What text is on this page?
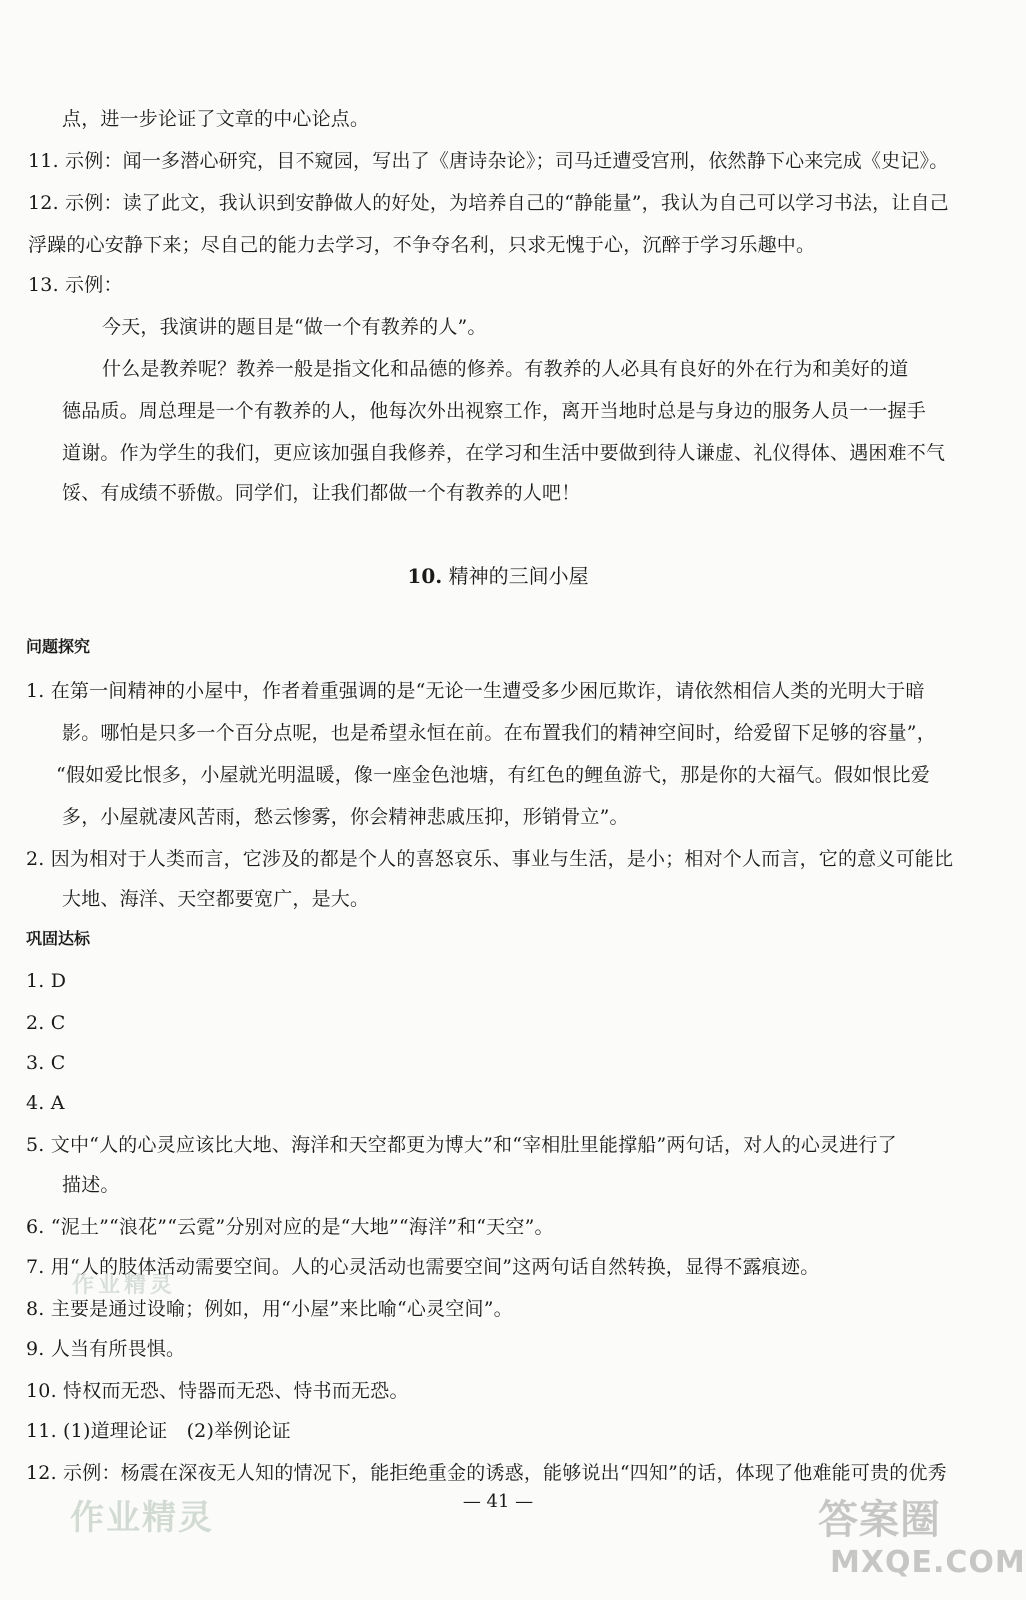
点，进一步论证了文章的中心论点。
11. 示例：闻一多潜心研究，目不窥园，写出了《唐诗杂论》；司马迁遭受宫刑，依然静下心来完成《史记》。
12. 示例：读了此文，我认识到安静做人的好处，为培养自己的“静能量”，我认为自己可以学习书法，让自己
浮躁的心安静下来；尽自己的能力去学习，不争夺名利，只求无愧于心，沉醉于学习乐趣中。
13. 示例：
今天，我演讲的题目是“做一个有教养的人”。
什么是教养呢？教养一般是指文化和品德的修养。有教养的人必具有良好的外在行为和美好的道
德品质。周总理是一个有教养的人，他每次外出视察工作，离开当地时总是与身边的服务人员一一握手
道谢。作为学生的我们，更应该加强自我修养，在学习和生活中要做到待人谦虚、礼仪得体、遇困难不气
馁、有成绩不骄傲。同学们，让我们都做一个有教养的人吧！
10. 精神的三间小屋
问题探究
1. 在第一间精神的小屋中，作者着重强调的是“无论一生遭受多少困厄欺诈，请依然相信人类的光明大于暗
影。哪怕是只多一个百分点呢，也是希望永恒在前。在布置我们的精神空间时，给爱留下足够的容量”，
“假如爱比恨多，小屋就光明温暖，像一座金色池塘，有红色的鲤鱼游弋，那是你的大福气。假如恨比爱
多，小屋就凄风苦雨，愁云惨雾，你会精神悲戚压抑，形销骨立”。
2. 因为相对于人类而言，它涉及的都是个人的喜怒哀乐、事业与生活，是小；相对个人而言，它的意义可能比
大地、海洋、天空都要宽广，是大。
巩固达标
1. D
2. C
3. C
4. A
5. 文中“人的心灵应该比大地、海洋和天空都更为博大”和“宰相肚里能撑船”两句话，对人的心灵进行了
描述。
6. “泥土”“浪花”“云霓”分别对应的是“大地”“海洋”和“天空”。
7. 用“人的肢体活动需要空间。人的心灵活动也需要空间”这两句话自然转换，显得不露痕迹。
8. 主要是通过设喻；例如，用“小屋”来比喻“心灵空间”。
9. 人当有所畏惧。
10. 恃权而无恐、恃器而无恐、恃书而无恐。
11. (1)道理论证　(2)举例论证
12. 示例：杨震在深夜无人知的情况下，能拒绝重金的诱惑，能够说出“四知”的话，体现了他难能可贵的优秀
— 41 —
作业精灵
作业精灵	答案圈
MXQE.COM
